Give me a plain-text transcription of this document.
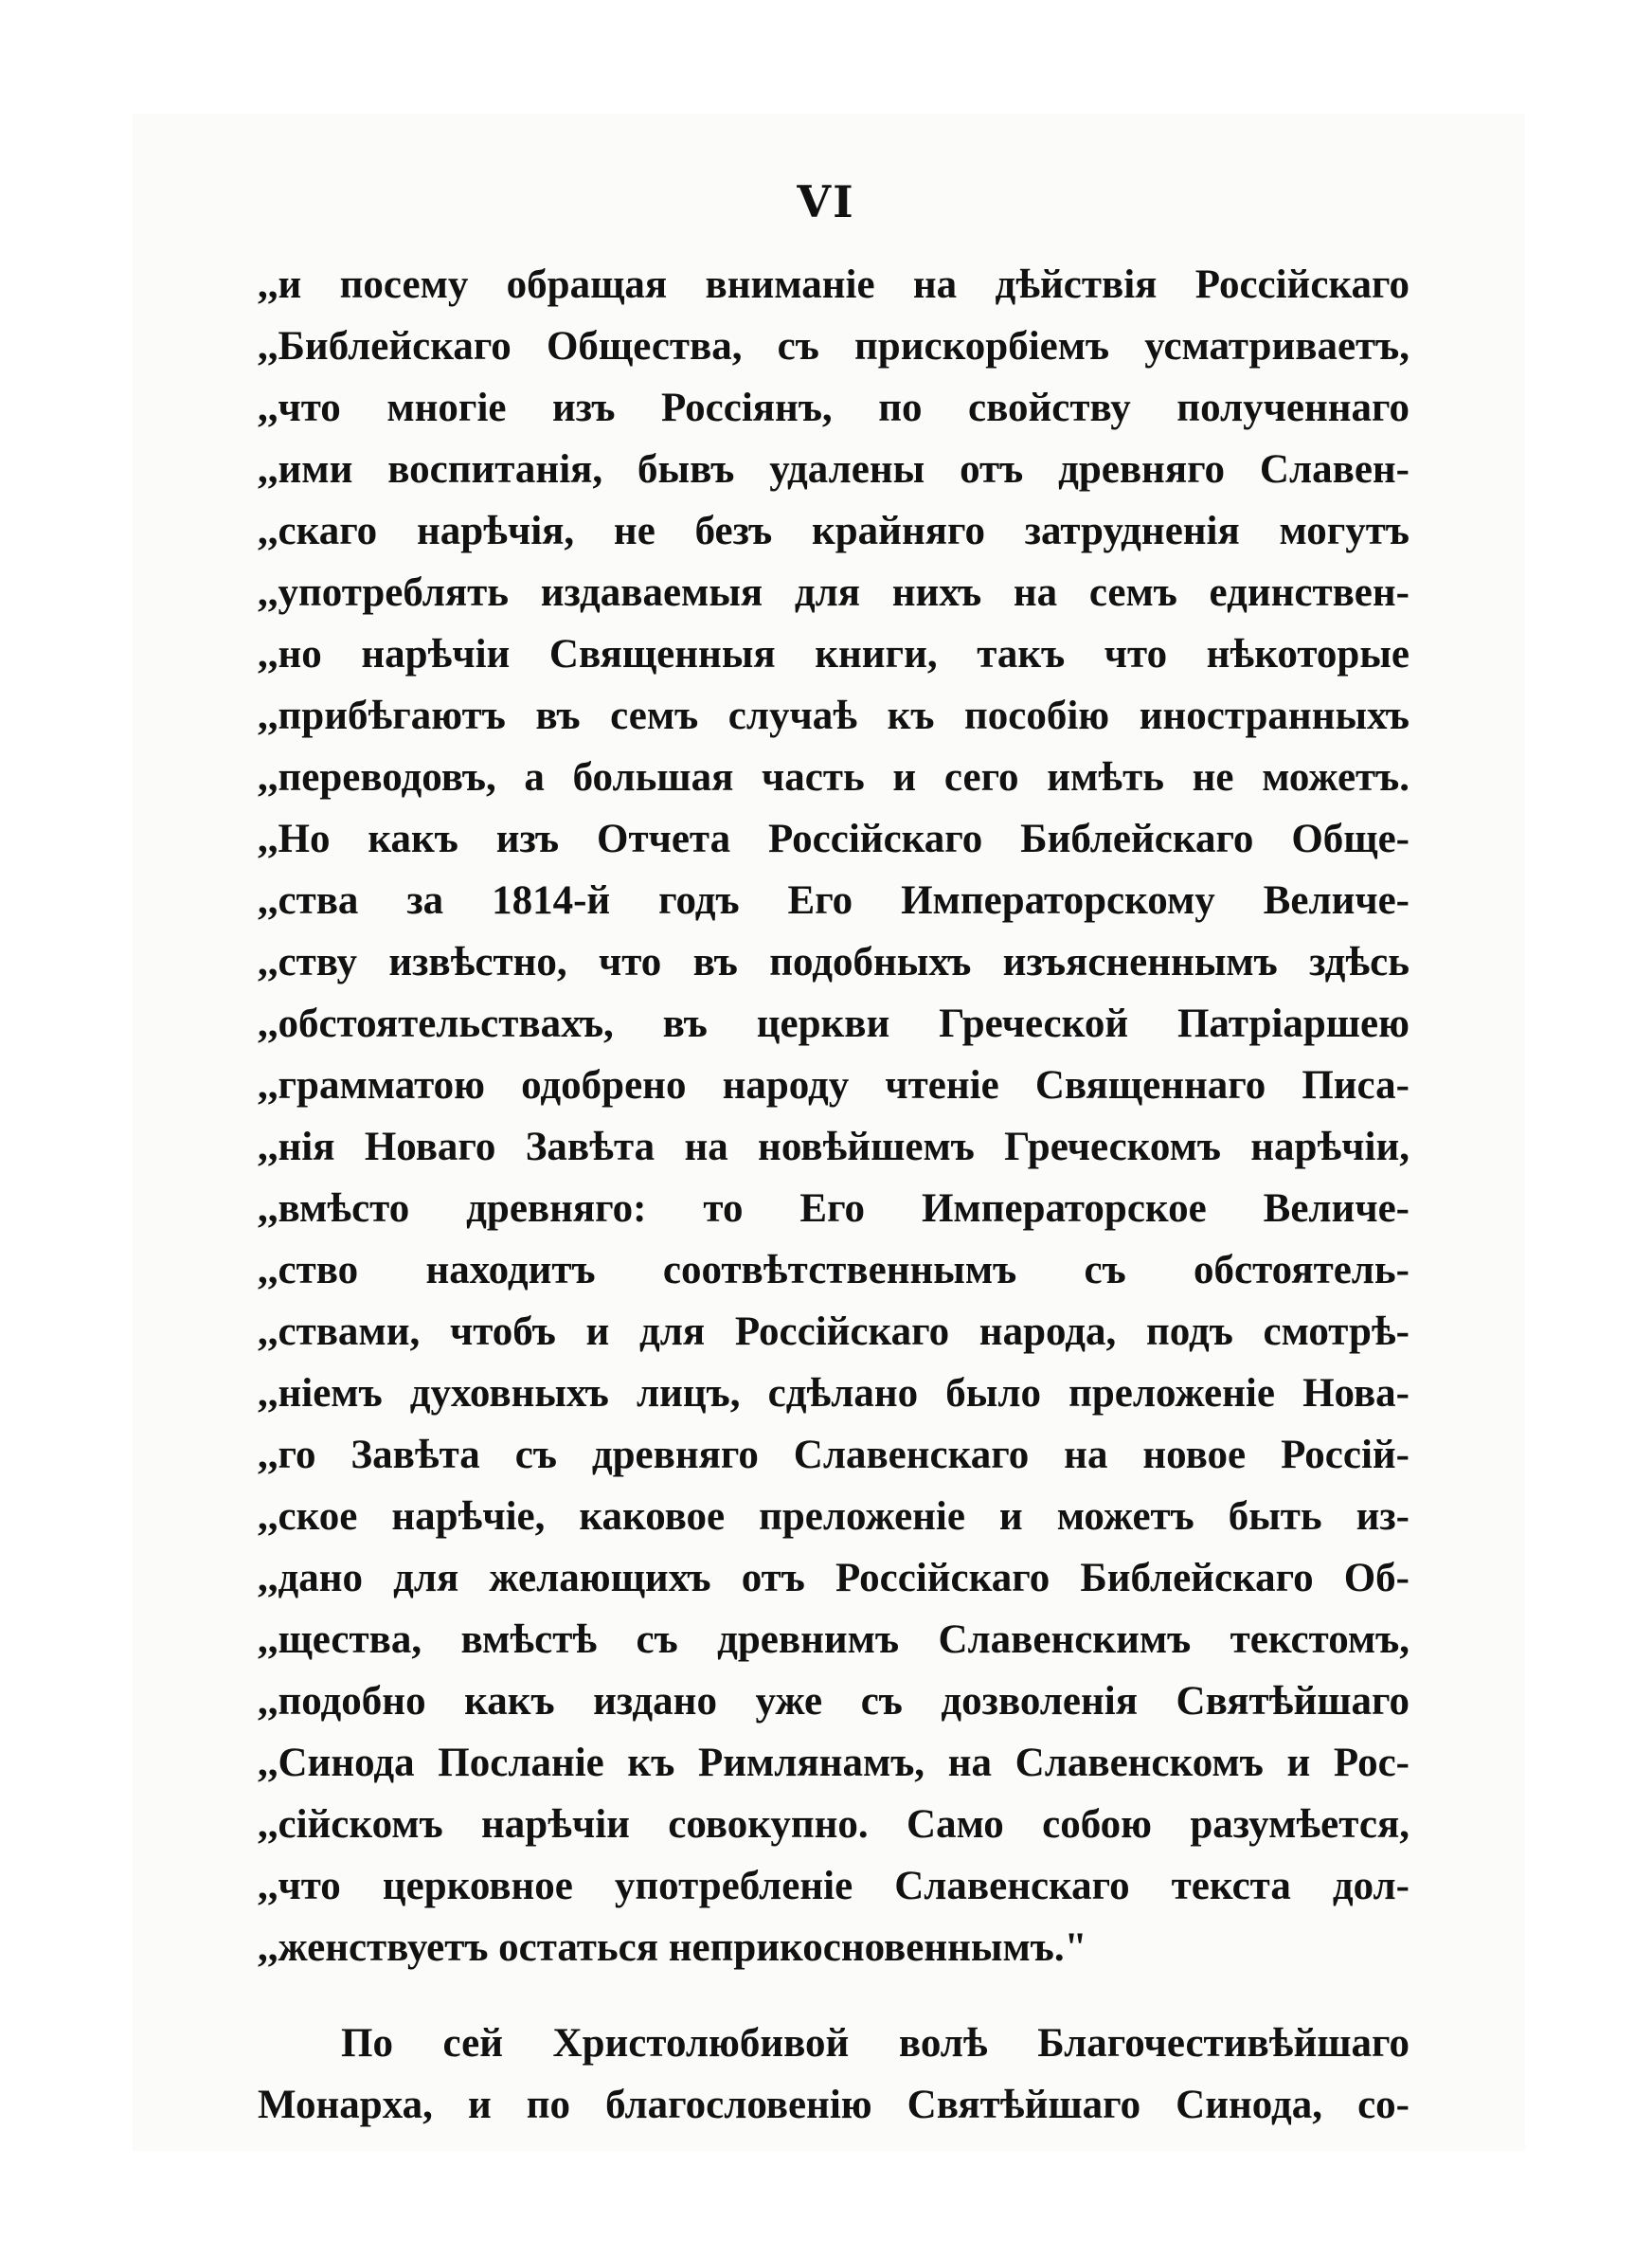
VI
,,и посему обращая вниманіе на дѣйствія Россійскаго
,,Библейскаго Общества, съ прискорбіемъ усматриваетъ,
,,что многіе изъ Россіянъ, по свойству полученнаго
,,ими воспитанія, бывъ удалены отъ древняго Славен-
,,скаго нарѣчія, не безъ крайняго затрудненія могутъ
,,употреблять издаваемыя для нихъ на семъ единствен-
,,но нарѣчіи Священныя книги, такъ что нѣкоторые
,,прибѣгаютъ въ семъ случаѣ къ пособію иностранныхъ
,,переводовъ, а большая часть и сего имѣть не можетъ.
,,Но какъ изъ Отчета Россійскаго Библейскаго Обще-
,,ства за 1814-й годъ Его Императорскому Величе-
,,ству извѣстно, что въ подобныхъ изъясненнымъ здѣсь
,,обстоятельствахъ, въ церкви Греческой Патріаршею
,,грамматою одобрено народу чтеніе Священнаго Писа-
,,нія Новаго Завѣта на новѣйшемъ Греческомъ нарѣчіи,
,,вмѣсто древняго: то Его Императорское Величе-
,,ство находитъ соотвѣтственнымъ съ обстоятель-
,,ствами, чтобъ и для Россійскаго народа, подъ смотрѣ-
,,ніемъ духовныхъ лицъ, сдѣлано было преложеніе Нова-
,,го Завѣта съ древняго Славенскаго на новое Россій-
,,ское нарѣчіе, каковое преложеніе и можетъ быть из-
,,дано для желающихъ отъ Россійскаго Библейскаго Об-
,,щества, вмѣстѣ съ древнимъ Славенскимъ текстомъ,
,,подобно какъ издано уже съ дозволенія Святѣйшаго
,,Синода Посланіе къ Римлянамъ, на Славенскомъ и Рос-
,,сійскомъ нарѣчіи совокупно. Само собою разумѣется,
,,что церковное употребленіе Славенскаго текста дол-
,,женствуетъ остаться неприкосновеннымъ."
По сей Христолюбивой волѣ Благочестивѣйшаго
Монарха, и по благословенію Святѣйшаго Синода, со-
